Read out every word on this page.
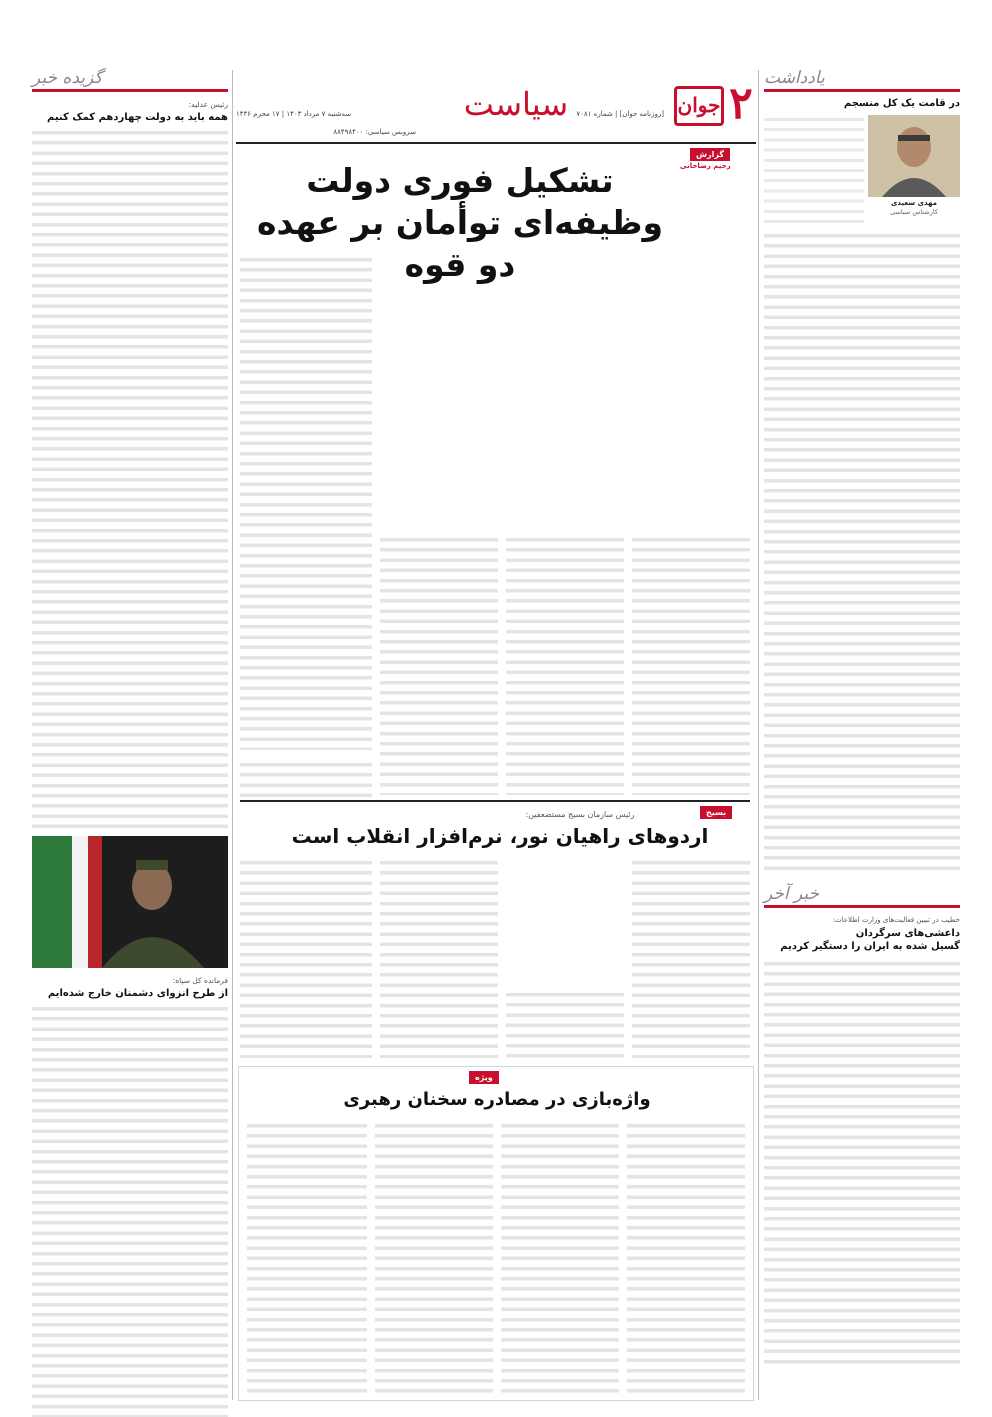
۲
جوان
سیاست	[روزنامه جوان] | شماره ۷۰۸۱
سه‌شنبه ۷ مرداد ۱۴۰۳ | ۱۷ محرم ۱۴۴۶
سرویس سیاسی: ۸۸۴۹۸۴۰۰
یادداشت
در قامت یک کل منسجم
مهدی سعیدی
کارشناس سیاسی
خبر آخر
خطیب در تبیین فعالیت‌های وزارت اطلاعات:
داعشی‌های سرگردان
گسیل شده به ایران را دستگیر کردیم
گزیده خبر
رئیس عدلیه:
همه باید به دولت چهاردهم کمک کنیم
فرمانده کل سپاه:
از طرح انزوای دشمنان خارج شده‌ایم
گزارش
رحیم رضاخانی
تشکیل فوری دولت
وظیفه‌ای توأمان بر عهده دو قوه
بسیج
رئیس سازمان بسیج مستضعفین:
اردوهای راهیان نور، نرم‌افزار انقلاب است
ویژه
واژه‌بازی در مصادره سخنان رهبری
